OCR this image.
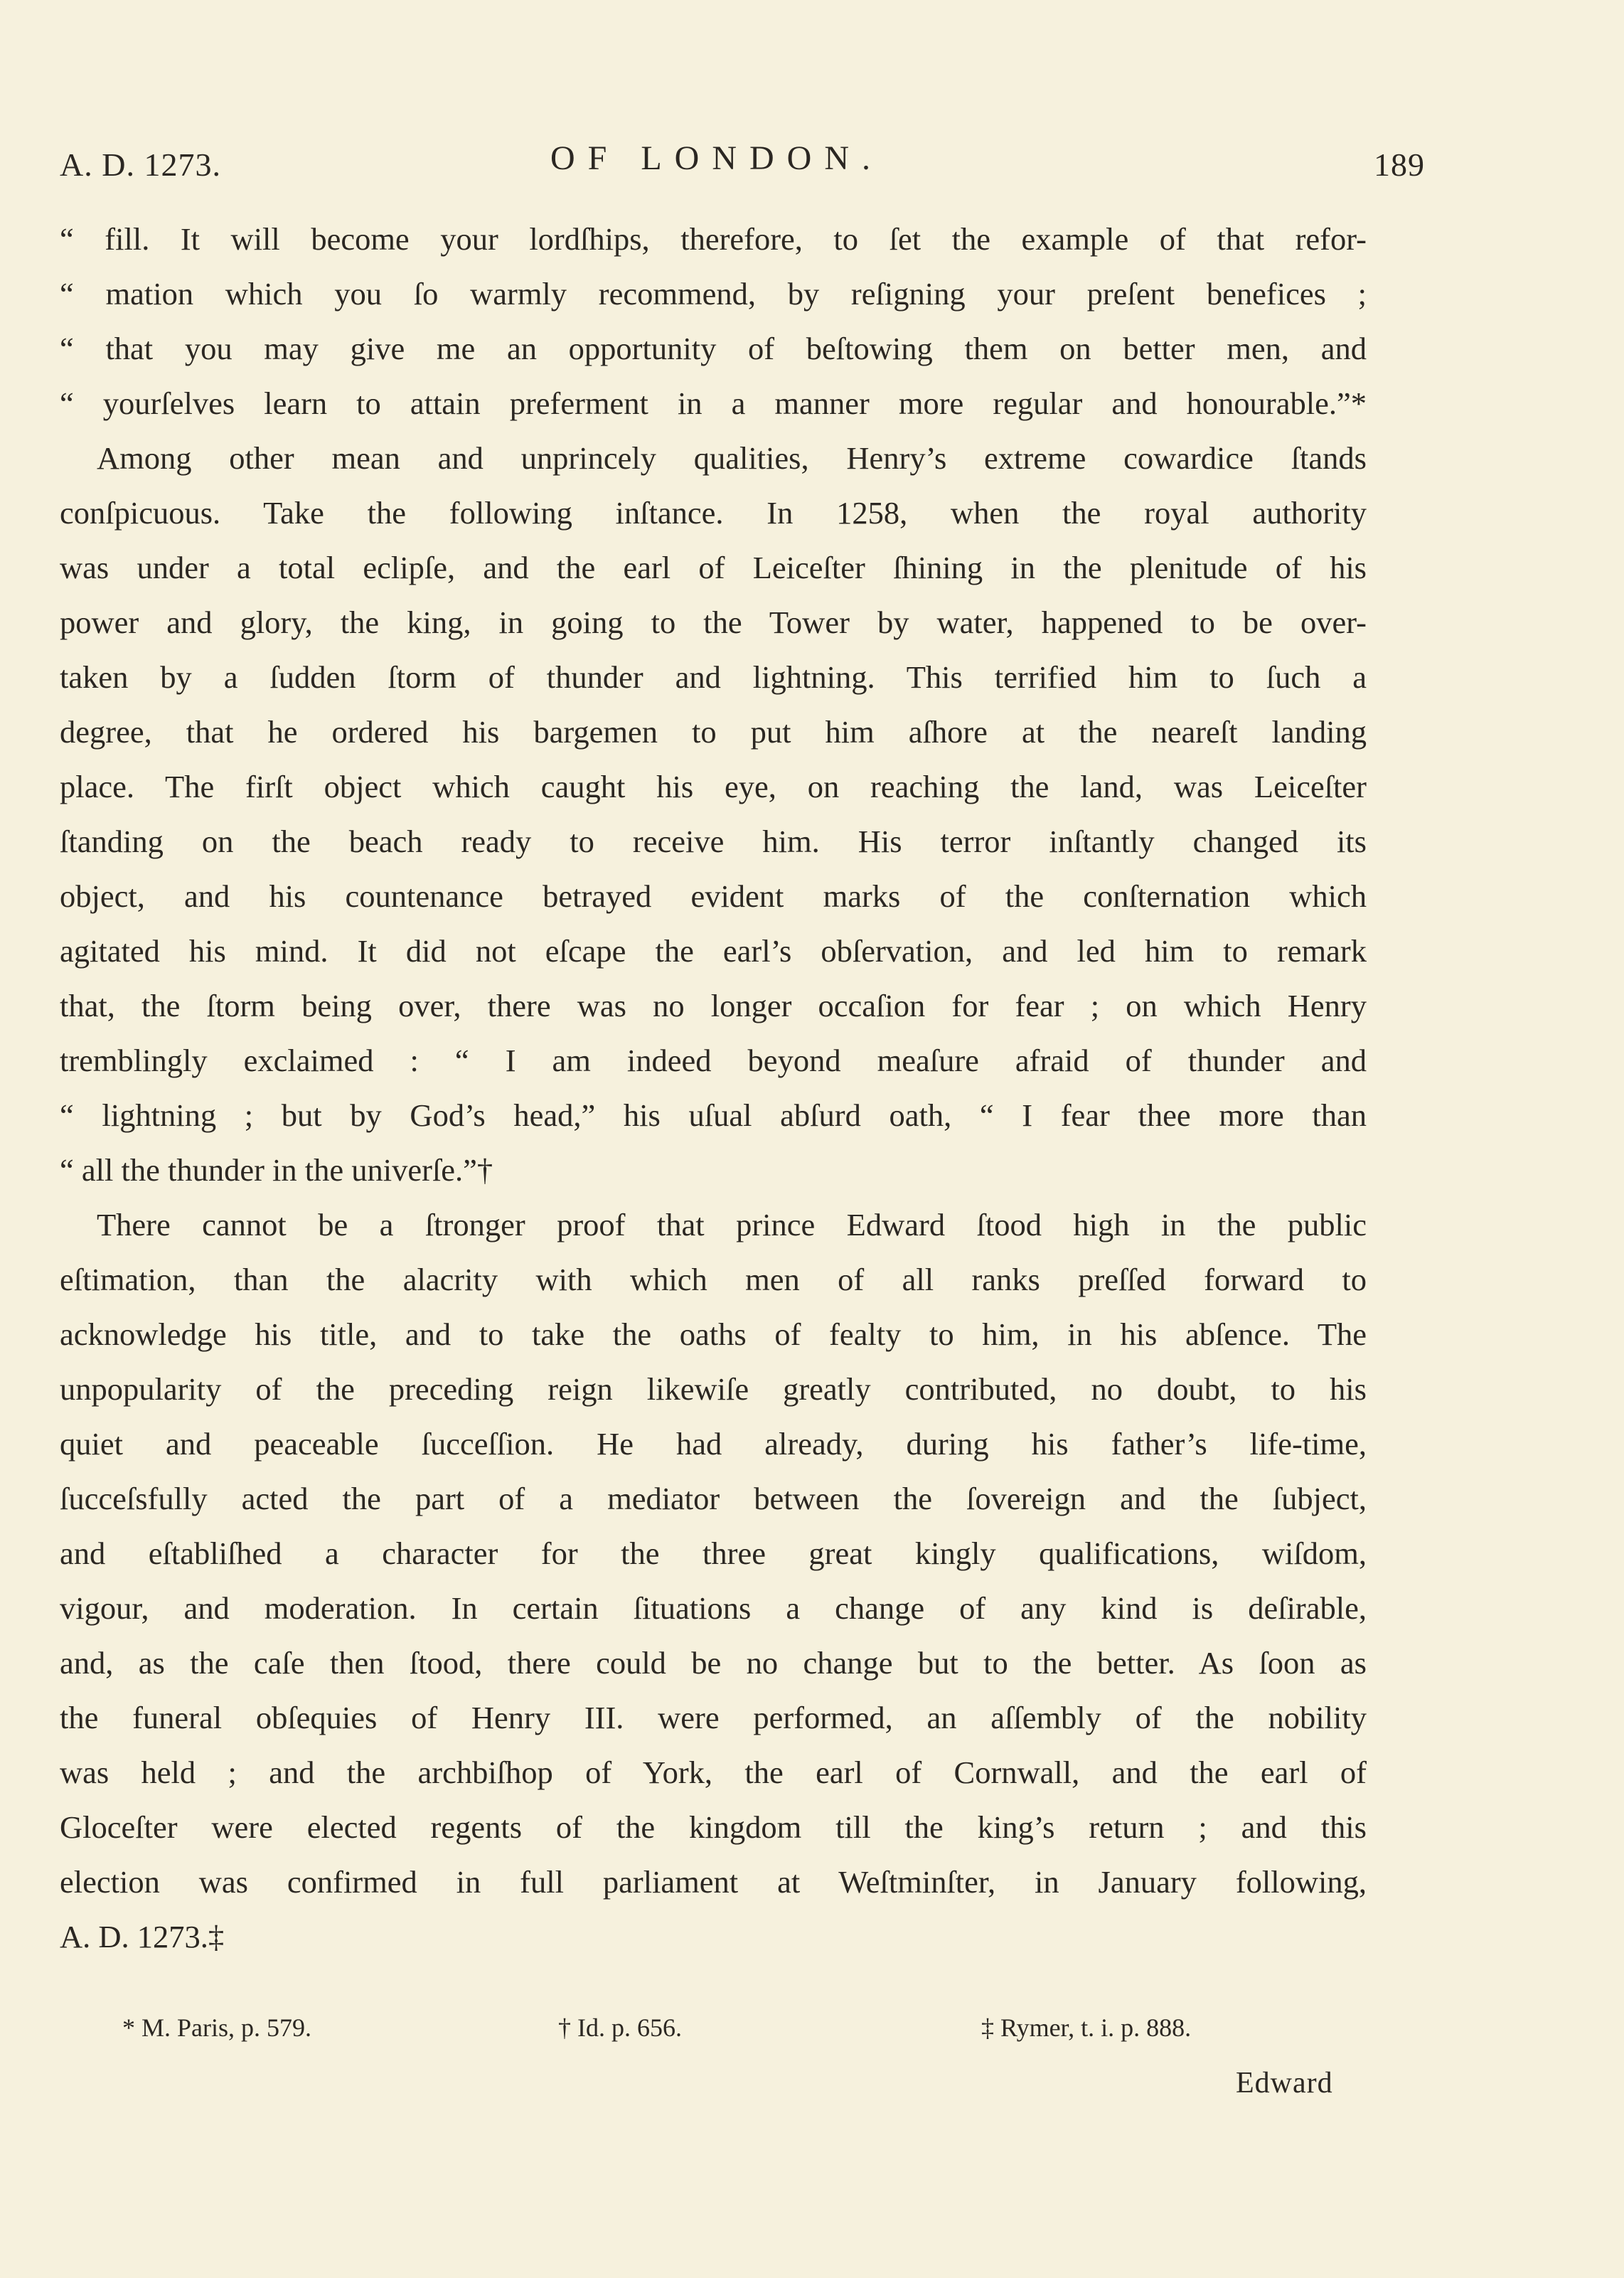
A. D. 1273.	OF LONDON.	189
“ fill. It will become your lordſhips, therefore, to ſet the example of that refor-
“ mation which you ſo warmly recommend, by reſigning your preſent benefices ;
“ that you may give me an opportunity of beſtowing them on better men, and
“ yourſelves learn to attain preferment in a manner more regular and honourable.”*
Among other mean and unprincely qualities, Henry’s extreme cowardice ſtands
conſpicuous. Take the following inſtance. In 1258, when the royal authority
was under a total eclipſe, and the earl of Leiceſter ſhining in the plenitude of his
power and glory, the king, in going to the Tower by water, happened to be over-
taken by a ſudden ſtorm of thunder and lightning. This terrified him to ſuch a
degree, that he ordered his bargemen to put him aſhore at the neareſt landing
place. The firſt object which caught his eye, on reaching the land, was Leiceſter
ſtanding on the beach ready to receive him. His terror inſtantly changed its
object, and his countenance betrayed evident marks of the conſternation which
agitated his mind. It did not eſcape the earl’s obſervation, and led him to remark
that, the ſtorm being over, there was no longer occaſion for fear ; on which Henry
tremblingly exclaimed : “ I am indeed beyond meaſure afraid of thunder and
“ lightning ; but by God’s head,” his uſual abſurd oath, “ I fear thee more than
“ all the thunder in the univerſe.”†
There cannot be a ſtronger proof that prince Edward ſtood high in the public
eſtimation, than the alacrity with which men of all ranks preſſed forward to
acknowledge his title, and to take the oaths of fealty to him, in his abſence. The
unpopularity of the preceding reign likewiſe greatly contributed, no doubt, to his
quiet and peaceable ſucceſſion. He had already, during his father’s life-time,
ſucceſsfully acted the part of a mediator between the ſovereign and the ſubject,
and eſtabliſhed a character for the three great kingly qualifications, wiſdom,
vigour, and moderation. In certain ſituations a change of any kind is deſirable,
and, as the caſe then ſtood, there could be no change but to the better. As ſoon as
the funeral obſequies of Henry III. were performed, an aſſembly of the nobility
was held ; and the archbiſhop of York, the earl of Cornwall, and the earl of
Gloceſter were elected regents of the kingdom till the king’s return ; and this
election was confirmed in full parliament at Weſtminſter, in January following,
A. D. 1273.‡
* M. Paris, p. 579.	† Id. p. 656.	‡ Rymer, t. i. p. 888.
Edward
